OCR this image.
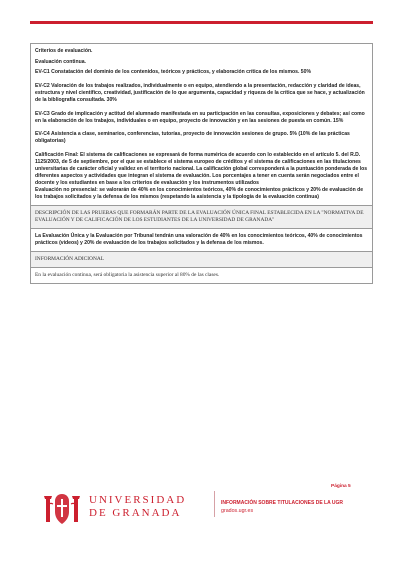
Criterios de evaluación.

Evaluación continua.

EV-C1 Constatación del dominio de los contenidos, teóricos y prácticos, y elaboración crítica de los mismos. 50%

EV-C2 Valoración de los trabajos realizados, individualmente o en equipo, atendiendo a la presentación, redacción y claridad de ideas, estructura y nivel científico, creatividad, justificación de lo que argumenta, capacidad y riqueza de la crítica que se hace, y actualización de la bibliografía consultada. 30%

EV-C3 Grado de implicación y actitud del alumnado manifestada en su participación en las consultas, exposiciones y debates; así como en la elaboración de los trabajos, individuales o en equipo, proyecto de innovación y en las sesiones de puesta en común. 15%

EV-C4 Asistencia a clase, seminarios, conferencias, tutorías, proyecto de innovación sesiones de grupo. 5% (10% de las prácticas obligatorias)

Calificación Final: El sistema de calificaciones se expresará de forma numérica de acuerdo con lo establecido en el artículo 5. del R.D. 1125/2003, de 5 de septiembre, por el que se establece el sistema europeo de créditos y el sistema de calificaciones en las titulaciones universitarias de carácter oficial y validez en el territorio nacional. La calificación global corresponderá a la puntuación ponderada de los diferentes aspectos y actividades que integran el sistema de evaluación. Los porcentajes a tener en cuenta serán negociados entre el docente y los estudiantes en base a los criterios de evaluación y los instrumentos utilizados

Evaluación no presencial: se valorarán de 40% en los conocimientos teóricos, 40% de conocimientos prácticos y 20% de evaluación de los trabajos solicitados y la defensa de los mismos (respetando la asistencia y la tipología de la evaluación continua)

DESCRIPCIÓN DE LAS PRUEBAS QUE FORMARÁN PARTE DE LA EVALUACIÓN ÚNICA FINAL ESTABLECIDA EN LA "NORMATIVA DE EVALUACIÓN Y DE CALIFICACIÓN DE LOS ESTUDIANTES DE LA UNIVERSIDAD DE GRANADA"

La Evaluación Única y la Evaluación por Tribunal tendrán una valoración de 40% en los conocimientos teóricos, 40% de conocimientos prácticos (videos) y 20% de evaluación de los trabajos solicitados y la defensa de los mismos.

INFORMACIÓN ADICIONAL

En la evaluación continua, será obligatoria la asistencia superior al 80% de las clases.

UNIVERSIDAD
DE GRANADA
Página 5
INFORMACIÓN SOBRE TITULACIONES DE LA UGR
grados.ugr.es
